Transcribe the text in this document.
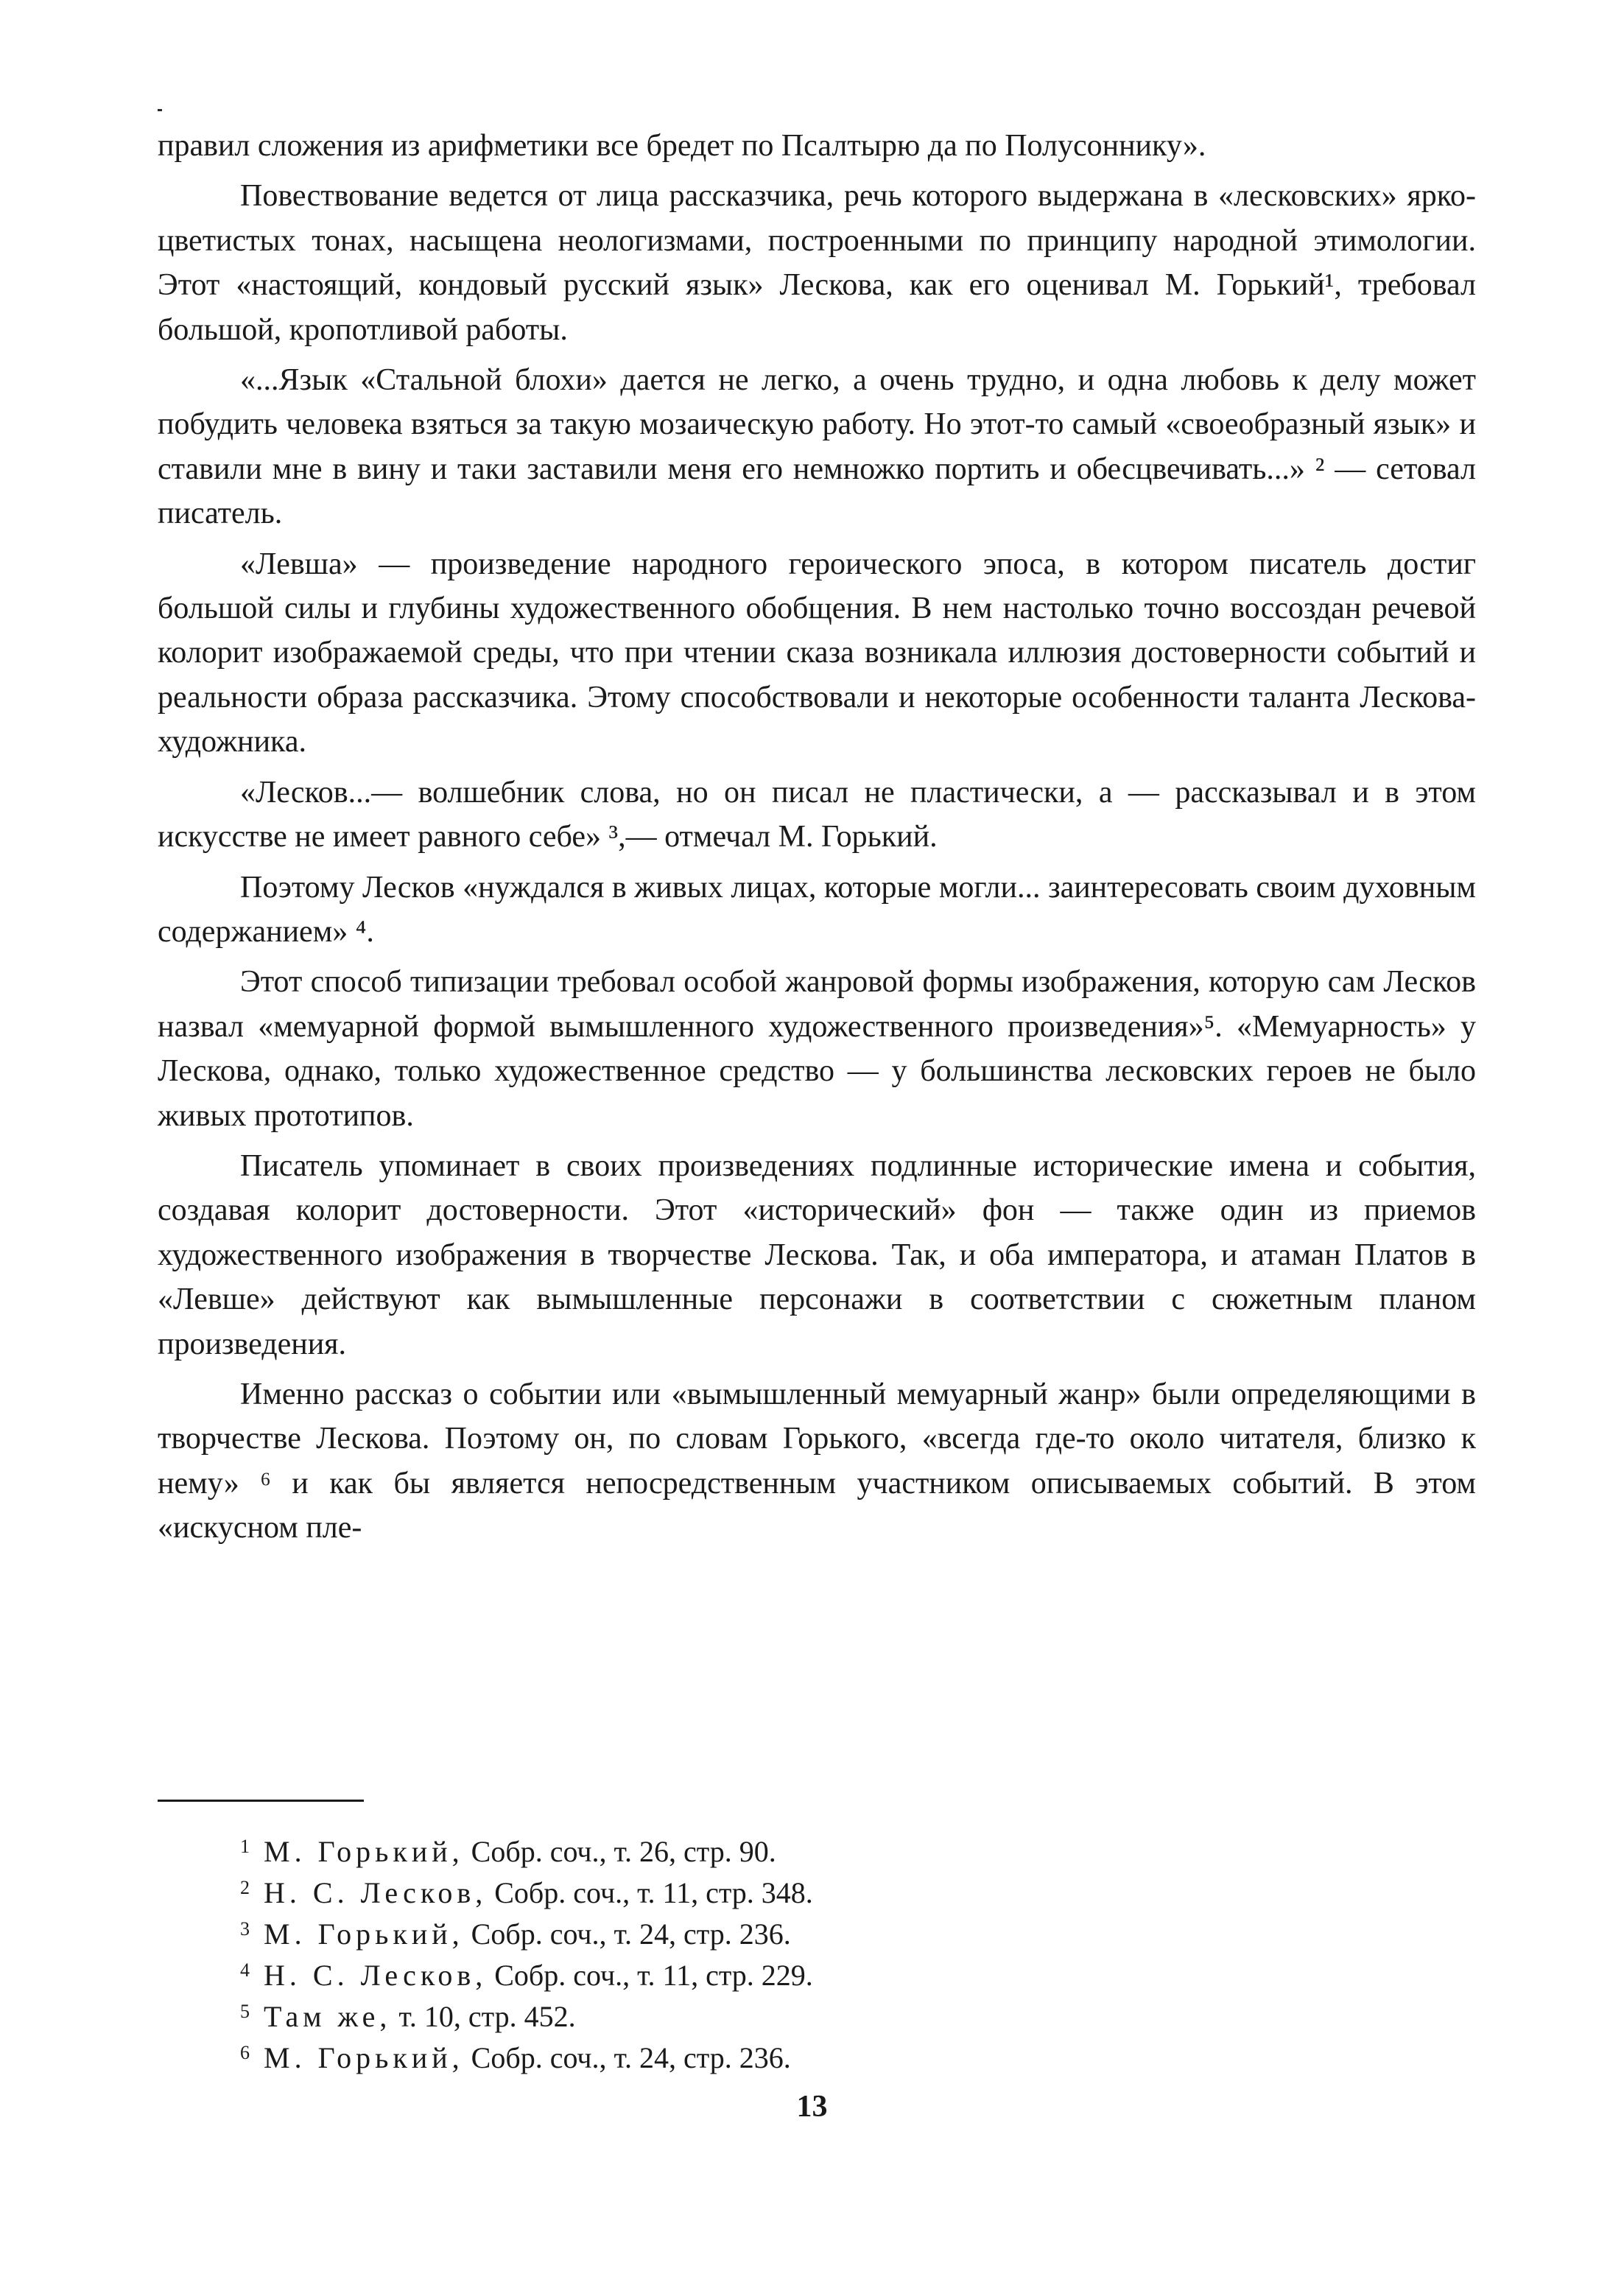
правил сложения из арифметики все бредет по Псалтырю да по Полусоннику».

Повествование ведется от лица рассказчика, речь которого выдержана в «лесковских» ярко-цветистых тонах, насыщена неологизмами, построенными по принципу народной этимологии. Этот «настоящий, кондовый русский язык» Лескова, как его оценивал М. Горький¹, требовал большой, кропотливой работы.

«...Язык «Стальной блохи» дается не легко, а очень трудно, и одна любовь к делу может побудить человека взяться за такую мозаическую работу. Но этот-то самый «своеобразный язык» и ставили мне в вину и таки заставили меня его немножко портить и обесцвечивать...» ² — сетовал писатель.

«Левша» — произведение народного героического эпоса, в котором писатель достиг большой силы и глубины художественного обобщения. В нем настолько точно воссоздан речевой колорит изображаемой среды, что при чтении сказа возникала иллюзия достоверности событий и реальности образа рассказчика. Этому способствовали и некоторые особенности таланта Лескова-художника.

«Лесков...— волшебник слова, но он писал не пластически, а — рассказывал и в этом искусстве не имеет равного себе» ³,— отмечал М. Горький.

Поэтому Лесков «нуждался в живых лицах, которые могли... заинтересовать своим духовным содержанием» ⁴.

Этот способ типизации требовал особой жанровой формы изображения, которую сам Лесков назвал «мемуарной формой вымышленного художественного произведения»⁵. «Мемуарность» у Лескова, однако, только художественное средство — у большинства лесковских героев не было живых прототипов.

Писатель упоминает в своих произведениях подлинные исторические имена и события, создавая колорит достоверности. Этот «исторический» фон — также один из приемов художественного изображения в творчестве Лескова. Так, и оба императора, и атаман Платов в «Левше» действуют как вымышленные персонажи в соответствии с сюжетным планом произведения.

Именно рассказ о событии или «вымышленный мемуарный жанр» были определяющими в творчестве Лескова. Поэтому он, по словам Горького, «всегда где-то около читателя, близко к нему» ⁶ и как бы является непосредственным участником описываемых событий. В этом «искусном пле-

1 М. Горький, Собр. соч., т. 26, стр. 90.
2 Н. С. Лесков, Собр. соч., т. 11, стр. 348.
3 М. Горький, Собр. соч., т. 24, стр. 236.
4 Н. С. Лесков, Собр. соч., т. 11, стр. 229.
5 Там же, т. 10, стр. 452.
6 М. Горький, Собр. соч., т. 24, стр. 236.
13
